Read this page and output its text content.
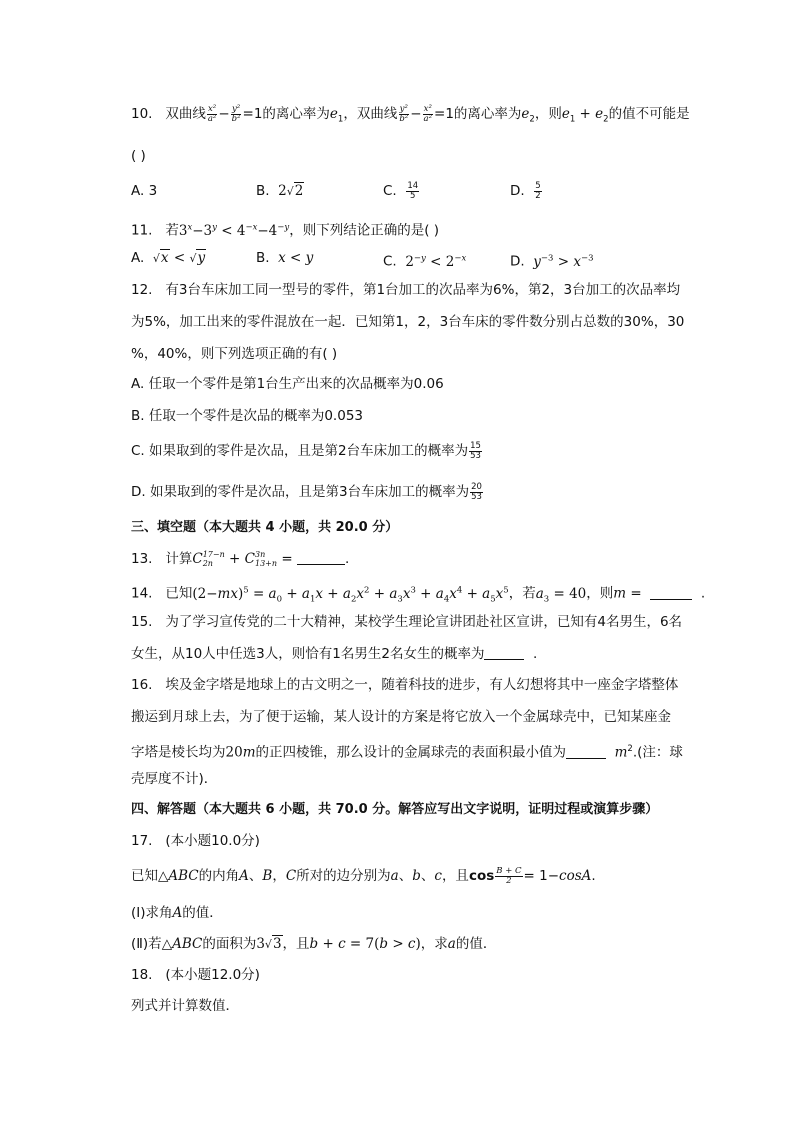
10. 双曲线 $\frac{\text{x²}}{\text{a²}} - \frac{\text{y²}}{\text{b²}} =1$的离心率为$e_1$，双曲线 $\frac{\text{y²}}{\text{b²}} - \frac{\text{x²}}{\text{a²}} =1$的离心率为$e_2$，则$e_1 + e_2$的值不可能是
( )
A. 3	B. 2√2	C. $\frac{14}{5}$	D. $\frac{5}{2}$
11. 若$3^x-3^y < 4^{-x}-4^{-y}$，则下列结论正确的是( )
A. √x < √y	B. x < y	C. $2^{-y} < 2^{-x}$	D. $y^{-3} > x^{-3}$
12. 有3台车床加工同一型号的零件，第1台加工的次品率为6%，第2，3台加工的次品率均
为5%，加工出来的零件混放在一起．已知第1，2，3台车床的零件数分别占总数的30%，30
%，40%，则下列选项正确的有( )
A. 任取一个零件是第1台生产出来的次品概率为0.06
B. 任取一个零件是次品的概率为0.053
C. 如果取到的零件是次品，且是第2台车床加工的概率为 $\frac{15}{53}$
D. 如果取到的零件是次品，且是第3台车床加工的概率为 $\frac{20}{53}$
三、填空题（本大题共 4 小题，共 20.0 分）
13. 计算C 17−n
2n	+ C 3n
13+n =	.
14. 已知$(2-mx)^5 = a_0 + a_1x + a_2x^2 + a_3x^3 + a_4x^4 + a_5x^5$，若$a_3 = 40$，则m =	.
15. 为了学习宣传党的二十大精神，某校学生理论宣讲团赴社区宣讲，已知有4名男生，6名
女生，从10人中任选3人，则恰有1名男生2名女生的概率为	.
16. 埃及金字塔是地球上的古文明之一，随着科技的进步，有人幻想将其中一座金字塔整体
搬运到月球上去，为了便于运输，某人设计的方案是将它放入一个金属球壳中，已知某座金
字塔是棱长均为20m的正四棱锥，那么设计的金属球壳的表面积最小值为	$m^2$.(注：球
壳厚度不计)．
四、解答题（本大题共 6 小题，共 70.0 分。解答应写出文字说明，证明过程或演算步骤）
17. (本小题10.0分)
已知△ABC的内角A、B，C所对的边分别为a、b、c，且$\cos \frac{B + C}{2} = 1-\cos A$.
(Ⅰ)求角A的值．
(Ⅱ)若△ABC的面积为3√3，且b + c = 7(b > c)，求a的值．
18. (本小题12.0分)
列式并计算数值．
